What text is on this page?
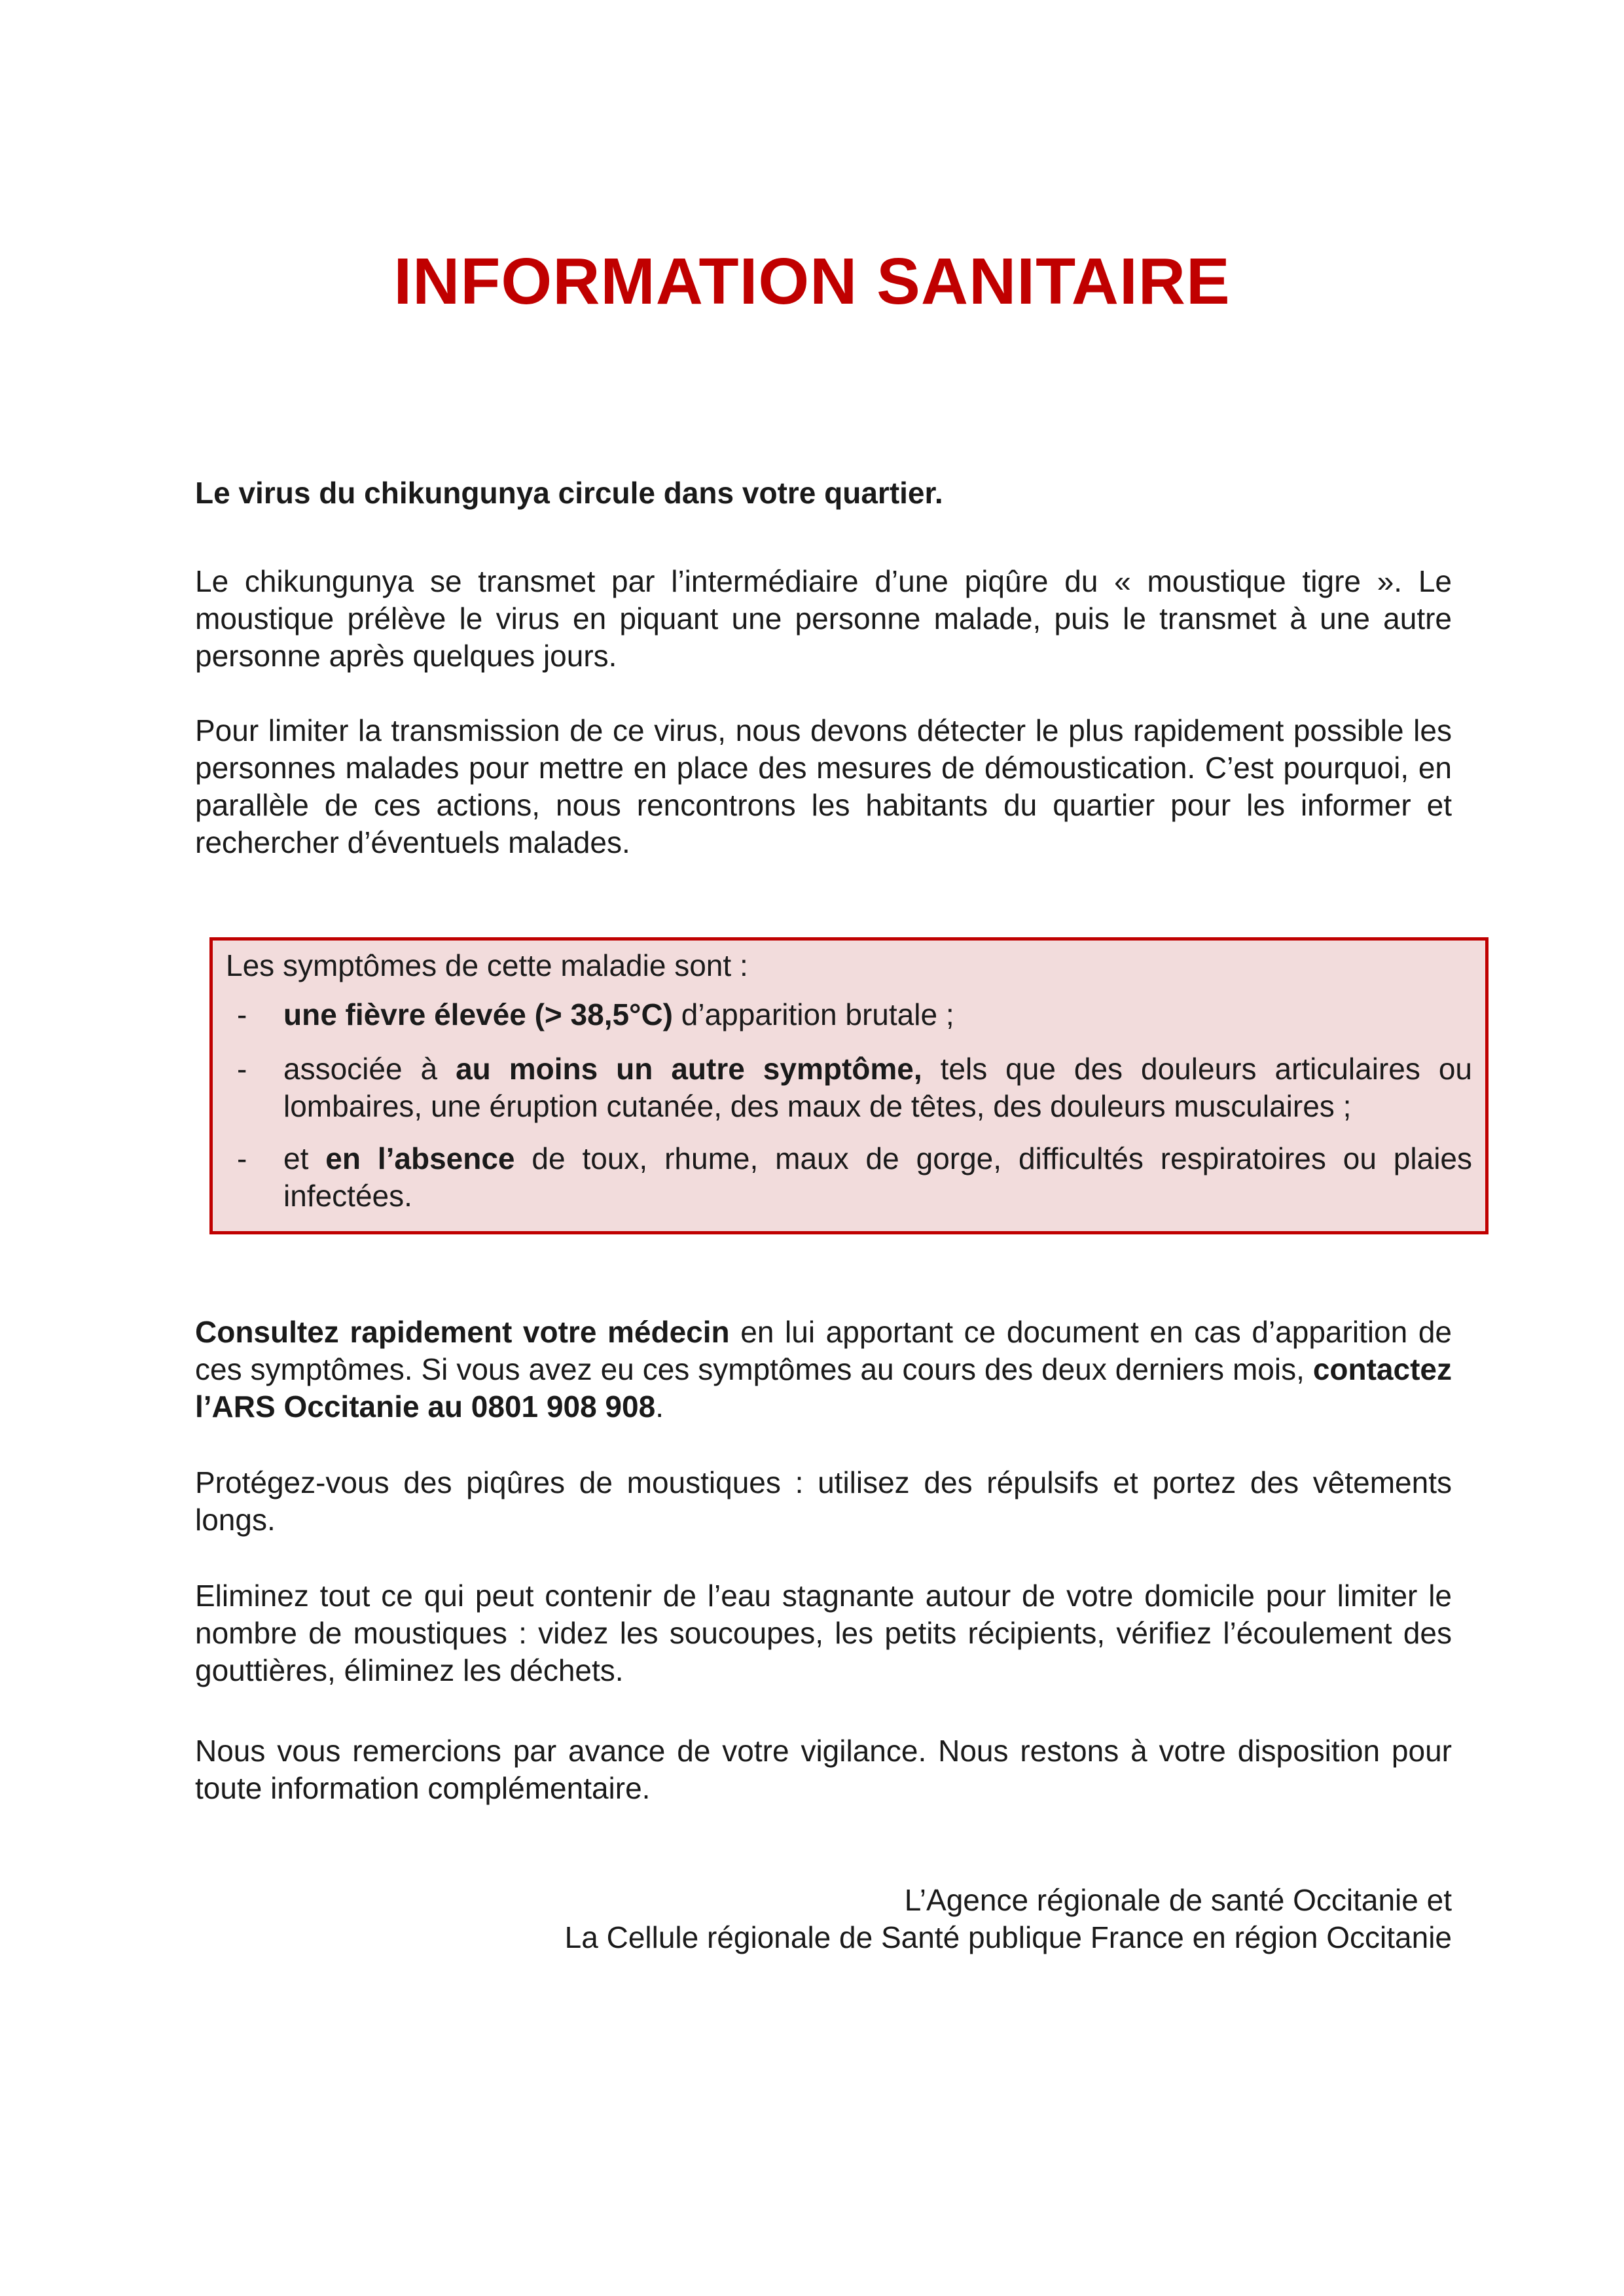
INFORMATION SANITAIRE

Le virus du chikungunya circule dans votre quartier.

Le chikungunya se transmet par l’intermédiaire d’une piqûre du « moustique tigre ». Le moustique prélève le virus en piquant une personne malade, puis le transmet à une autre personne après quelques jours.

Pour limiter la transmission de ce virus, nous devons détecter le plus rapidement possible les personnes malades pour mettre en place des mesures de démoustication. C’est pourquoi, en parallèle de ces actions, nous rencontrons les habitants du quartier pour les informer et rechercher d’éventuels malades.

Les symptômes de cette maladie sont :
- une fièvre élevée (> 38,5°C) d’apparition brutale ;
- associée à au moins un autre symptôme, tels que des douleurs articulaires ou lombaires, une éruption cutanée, des maux de têtes, des douleurs musculaires ;
- et en l’absence de toux, rhume, maux de gorge, difficultés respiratoires ou plaies infectées.

Consultez rapidement votre médecin en lui apportant ce document en cas d’apparition de ces symptômes. Si vous avez eu ces symptômes au cours des deux derniers mois, contactez l’ARS Occitanie au 0801 908 908.

Protégez-vous des piqûres de moustiques : utilisez des répulsifs et portez des vêtements longs.

Eliminez tout ce qui peut contenir de l’eau stagnante autour de votre domicile pour limiter le nombre de moustiques : videz les soucoupes, les petits récipients, vérifiez l’écoulement des gouttières, éliminez les déchets.

Nous vous remercions par avance de votre vigilance. Nous restons à votre disposition pour toute information complémentaire.

L’Agence régionale de santé Occitanie et
La Cellule régionale de Santé publique France en région Occitanie
